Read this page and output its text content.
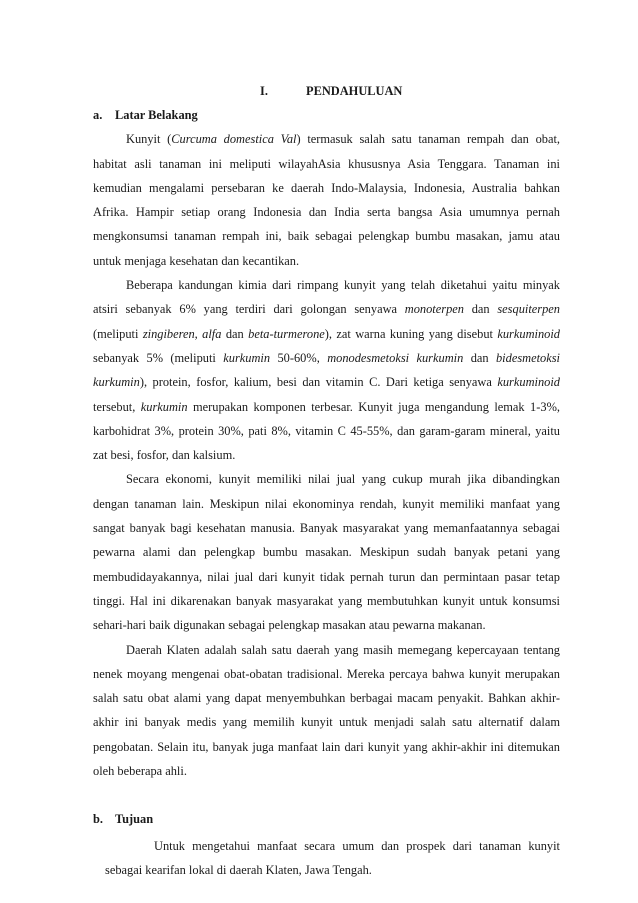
I.	PENDAHULUAN
a. Latar Belakang

Kunyit (Curcuma domestica Val) termasuk salah satu tanaman rempah dan obat, habitat asli tanaman ini meliputi wilayahAsia khususnya Asia Tenggara. Tanaman ini kemudian mengalami persebaran ke daerah Indo-Malaysia, Indonesia, Australia bahkan Afrika. Hampir setiap orang Indonesia dan India serta bangsa Asia umumnya pernah mengkonsumsi tanaman rempah ini, baik sebagai pelengkap bumbu masakan, jamu atau untuk menjaga kesehatan dan kecantikan.

Beberapa kandungan kimia dari rimpang kunyit yang telah diketahui yaitu minyak atsiri sebanyak 6% yang terdiri dari golongan senyawa monoterpen dan sesquiterpen (meliputi zingiberen, alfa dan beta-turmerone), zat warna kuning yang disebut kurkuminoid sebanyak 5% (meliputi kurkumin 50-60%, monodesmetoksi kurkumin dan bidesmetoksi kurkumin), protein, fosfor, kalium, besi dan vitamin C. Dari ketiga senyawa kurkuminoid tersebut, kurkumin merupakan komponen terbesar. Kunyit juga mengandung lemak 1-3%, karbohidrat 3%, protein 30%, pati 8%, vitamin C 45-55%, dan garam-garam mineral, yaitu zat besi, fosfor, dan kalsium.

Secara ekonomi, kunyit memiliki nilai jual yang cukup murah jika dibandingkan dengan tanaman lain. Meskipun nilai ekonominya rendah, kunyit memiliki manfaat yang sangat banyak bagi kesehatan manusia. Banyak masyarakat yang memanfaatannya sebagai pewarna alami dan pelengkap bumbu masakan. Meskipun sudah banyak petani yang membudidayakannya, nilai jual dari kunyit tidak pernah turun dan permintaan pasar tetap tinggi. Hal ini dikarenakan banyak masyarakat yang membutuhkan kunyit untuk konsumsi sehari-hari baik digunakan sebagai pelengkap masakan atau pewarna makanan.

Daerah Klaten adalah salah satu daerah yang masih memegang kepercayaan tentang nenek moyang mengenai obat-obatan tradisional. Mereka percaya bahwa kunyit merupakan salah satu obat alami yang dapat menyembuhkan berbagai macam penyakit. Bahkan akhir-akhir ini banyak medis yang memilih kunyit untuk menjadi salah satu alternatif dalam pengobatan. Selain itu, banyak juga manfaat lain dari kunyit yang akhir-akhir ini ditemukan oleh beberapa ahli.

b. Tujuan

Untuk mengetahui manfaat secara umum dan prospek dari tanaman kunyit sebagai kearifan lokal di daerah Klaten, Jawa Tengah.
